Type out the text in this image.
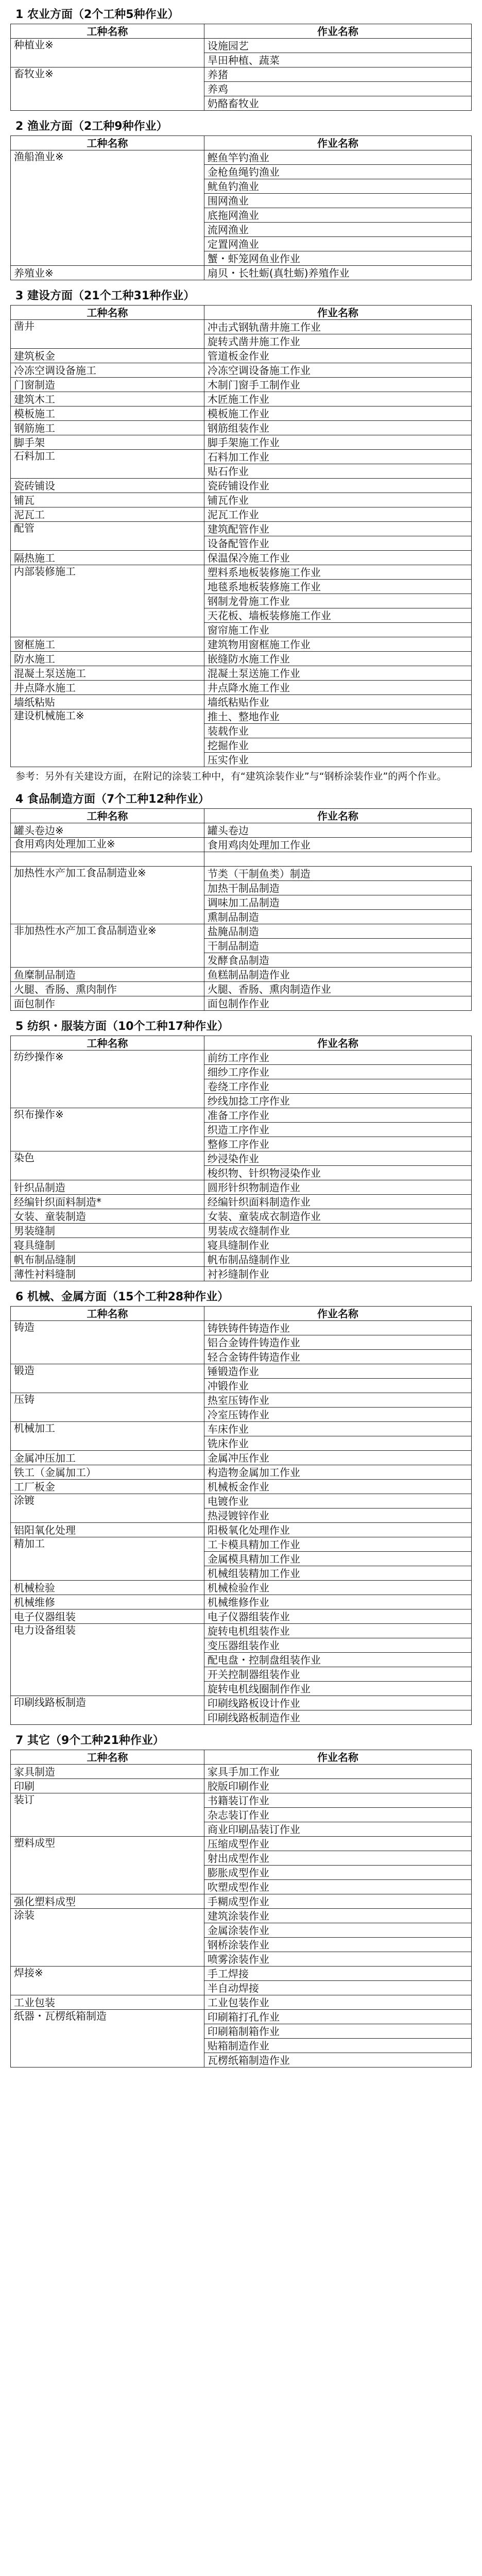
1 农业方面（2个工种5种作业）
工种名称	作业名称
种植业※	设施园艺
	旱田种植、蔬菜
畜牧业※	养猪
	养鸡
	奶酪畜牧业
2 渔业方面（2工种9种作业）
工种名称	作业名称
渔船渔业※	鲣鱼竿钓渔业
	金枪鱼绳钓渔业
	鱿鱼钓渔业
	围网渔业
	底拖网渔业
	流网渔业
	定置网渔业
	蟹・虾笼网鱼业作业
养殖业※	扇贝・长牡蛎(真牡蛎)养殖作业
3 建设方面（21个工种31种作业）
工种名称	作业名称
凿井	冲击式钢轨凿井施工作业
	旋转式凿井施工作业
建筑板金	管道板金作业
冷冻空调设备施工	冷冻空调设备施工作业
门窗制造	木制门窗手工制作业
建筑木工	木匠施工作业
模板施工	模板施工作业
钢筋施工	钢筋组装作业
脚手架	脚手架施工作业
石料加工	石料加工作业
	贴石作业
瓷砖铺设	瓷砖铺设作业
铺瓦	铺瓦作业
泥瓦工	泥瓦工作业
配管	建筑配管作业
	设备配管作业
隔热施工	保温保冷施工作业
内部装修施工	塑料系地板装修施工作业
	地毯系地板装修施工作业
	钢制龙骨施工作业
	天花板、墙板装修施工作业
	窗帘施工作业
窗框施工	建筑物用窗框施工作业
防水施工	嵌缝防水施工作业
混凝土泵送施工	混凝土泵送施工作业
井点降水施工	井点降水施工作业
墙纸粘贴	墙纸粘贴作业
建设机械施工※	推土、整地作业
	装载作业
	挖掘作业
	压实作业
参考：另外有关建设方面，在附记的涂装工种中，有“建筑涂装作业”与“钢桥涂装作业”的两个作业。
4 食品制造方面（7个工种12种作业）
工种名称	作业名称
罐头卷边※	罐头卷边
食用鸡肉处理加工业※	食用鸡肉处理加工作业

加热性水产加工食品制造业※	节类（干制鱼类）制造
	加热干制品制造
	调味加工品制造
	熏制品制造
非加热性水产加工食品制造业※	盐腌品制造
	干制品制造
	发酵食品制造
鱼糜制品制造	鱼糕制品制造作业
火腿、香肠、熏肉制作	火腿、香肠、熏肉制造作业
面包制作	面包制作作业
5 纺织・服装方面（10个工种17种作业）
工种名称	作业名称
纺纱操作※	前纺工序作业
	细纱工序作业
	卷绕工序作业
	纱线加捻工序作业
织布操作※	准备工序作业
	织造工序作业
	整修工序作业
染色	纱浸染作业
	梭织物、针织物浸染作业
针织品制造	圆形针织物制造作业
经编针织面料制造*	经编针织面料制造作业
女装、童装制造	女装、童装成衣制造作业
男装缝制	男装成衣缝制作业
寝具缝制	寝具缝制作业
帆布制品缝制	帆布制品缝制作业
薄性衬料缝制	衬衫缝制作业
6 机械、金属方面（15个工种28种作业）
工种名称	作业名称
铸造	铸铁铸件铸造作业
	铝合金铸件铸造作业
	轻合金铸件铸造作业
锻造	锤锻造作业
	冲锻作业
压铸	热室压铸作业
	冷室压铸作业
机械加工	车床作业
	铣床作业
金属冲压加工	金属冲压作业
铁工（金属加工）	构造物金属加工作业
工厂板金	机械板金作业
涂镀	电镀作业
	热浸镀锌作业
铝阳氧化处理	阳极氧化处理作业
精加工	工卡模具精加工作业
	金属模具精加工作业
	机械组装精加工作业
机械检验	机械检验作业
机械维修	机械维修作业
电子仪器组装	电子仪器组装作业
电力设备组装	旋转电机组装作业
	变压器组装作业
	配电盘・控制盘组装作业
	开关控制器组装作业
	旋转电机线圈制作作业
印刷线路板制造	印刷线路板设计作业
	印刷线路板制造作业
7 其它（9个工种21种作业）
工种名称	作业名称
家具制造	家具手加工作业
印刷	胶版印刷作业
装订	书籍装订作业
	杂志装订作业
	商业印刷品装订作业
塑料成型	压缩成型作业
	射出成型作业
	膨胀成型作业
	吹塑成型作业
强化塑料成型	手糊成型作业
涂装	建筑涂装作业
	金属涂装作业
	钢桥涂装作业
	喷雾涂装作业
焊接※	手工焊接
	半自动焊接
工业包装	工业包装作业
纸器・瓦楞纸箱制造	印刷箱打孔作业
	印刷箱制箱作业
	贴箱制造作业
	瓦楞纸箱制造作业
